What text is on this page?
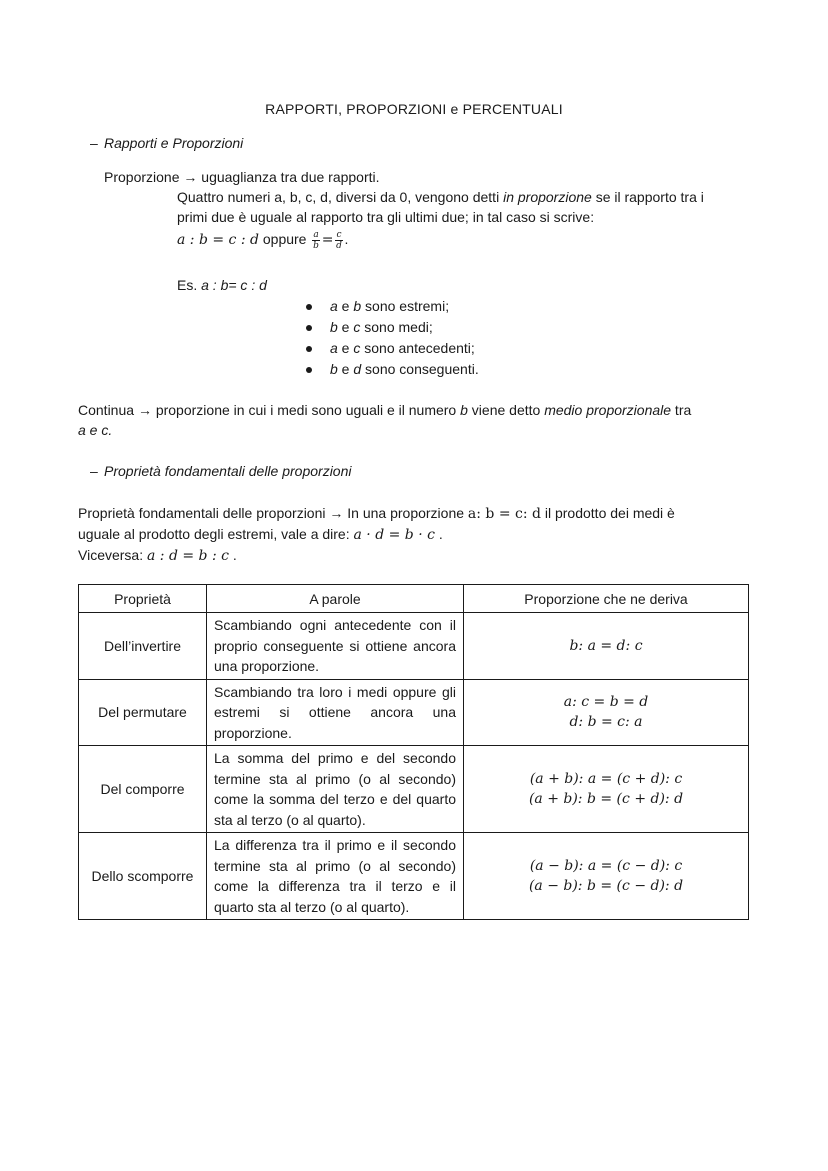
RAPPORTI, PROPORZIONI e PERCENTUALI
– Rapporti e Proporzioni
Proporzione → uguaglianza tra due rapporti.
Quattro numeri a, b, c, d, diversi da 0, vengono detti in proporzione se il rapporto tra i
primi due è uguale al rapporto tra gli ultimi due; in tal caso si scrive:
a : b = c : d oppure $\frac{a}{b} = \frac{c}{d}$ .
Es. a : b= c : d
a e b sono estremi;
b e c sono medi;
a e c sono antecedenti;
b e d sono conseguenti.
Continua → proporzione in cui i medi sono uguali e il numero b viene detto medio proporzionale tra
a e c.
– Proprietà fondamentali delle proporzioni
Proprietà fondamentali delle proporzioni → In una proporzione a: b = c: d il prodotto dei medi è
uguale al prodotto degli estremi, vale a dire: a · d = b · c .
Viceversa: a : d = b : c .
Proprietà	A parole	Proporzione che ne deriva
Dell’invertire	Scambiando ogni antecedente con il proprio conseguente si ottiene ancora una proporzione.	b: a = d: c

Del permutare	Scambiando tra loro i medi oppure gli estremi si ottiene ancora una proporzione.	a: c = b = d
d: b = c: a

Del comporre	La somma del primo e del secondo termine sta al primo (o al secondo) come la somma del terzo e del quarto sta al terzo (o al quarto).	(a + b): a = (c + d): c
(a + b): b = (c + d): d

Dello scomporre	La differenza tra il primo e il secondo termine sta al primo (o al secondo) come la differenza tra il terzo e il quarto sta al terzo (o al quarto).	(a − b): a = (c − d): c
(a − b): b = (c − d): d
